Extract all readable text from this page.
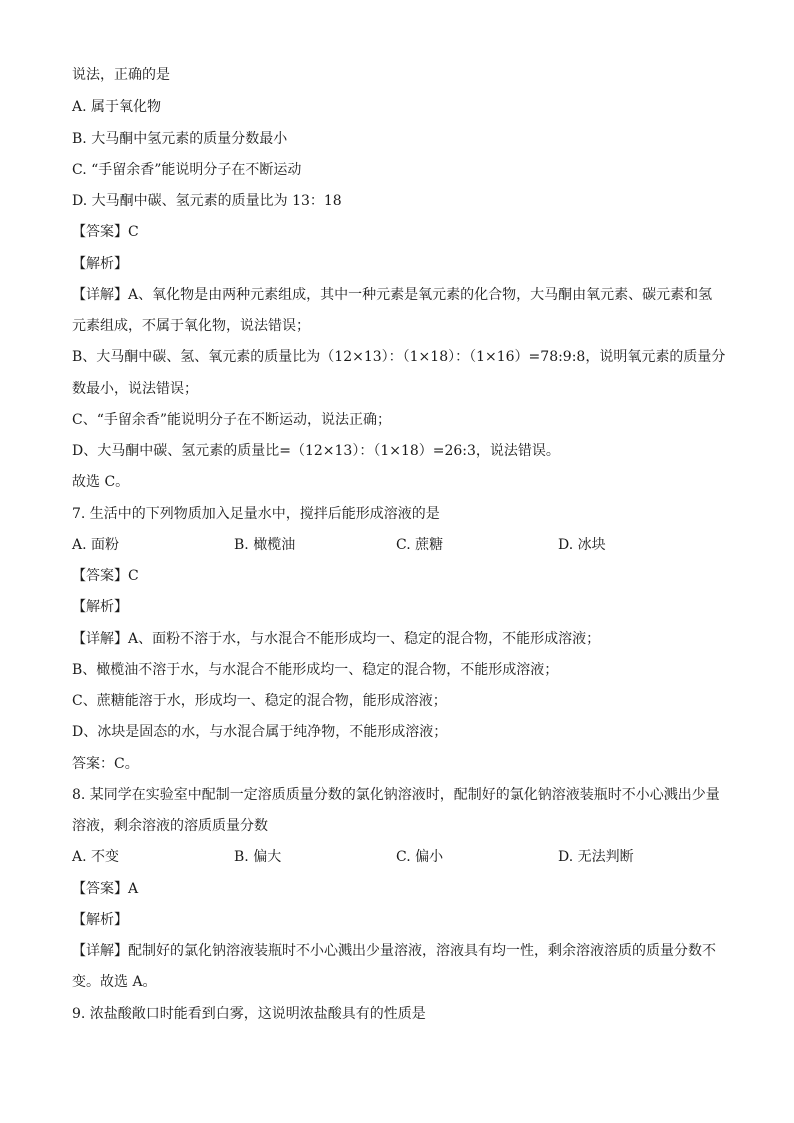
说法，正确的是
A. 属于氧化物
B. 大马酮中氢元素的质量分数最小
C. “手留余香”能说明分子在不断运动
D. 大马酮中碳、氢元素的质量比为 13：18
【答案】C
【解析】
【详解】A、氧化物是由两种元素组成，其中一种元素是氧元素的化合物，大马酮由氧元素、碳元素和氢
元素组成，不属于氧化物，说法错误；
B、大马酮中碳、氢、氧元素的质量比为（12×13）：（1×18）：（1×16）=78:9:8，说明氧元素的质量分
数最小，说法错误；
C、“手留余香”能说明分子在不断运动，说法正确；
D、大马酮中碳、氢元素的质量比=（12×13）：（1×18）=26:3，说法错误。
故选 C。
7. 生活中的下列物质加入足量水中，搅拌后能形成溶液的是
A. 面粉	B. 橄榄油	C. 蔗糖	D. 冰块
【答案】C
【解析】
【详解】A、面粉不溶于水，与水混合不能形成均一、稳定的混合物，不能形成溶液；
B、橄榄油不溶于水，与水混合不能形成均一、稳定的混合物，不能形成溶液；
C、蔗糖能溶于水，形成均一、稳定的混合物，能形成溶液；
D、冰块是固态的水，与水混合属于纯净物，不能形成溶液；
答案：C。
8. 某同学在实验室中配制一定溶质质量分数的氯化钠溶液时，配制好的氯化钠溶液装瓶时不小心溅出少量
溶液，剩余溶液的溶质质量分数
A. 不变	B. 偏大	C. 偏小	D. 无法判断
【答案】A
【解析】
【详解】配制好的氯化钠溶液装瓶时不小心溅出少量溶液，溶液具有均一性，剩余溶液溶质的质量分数不
变。故选 A。
9. 浓盐酸敞口时能看到白雾，这说明浓盐酸具有的性质是
